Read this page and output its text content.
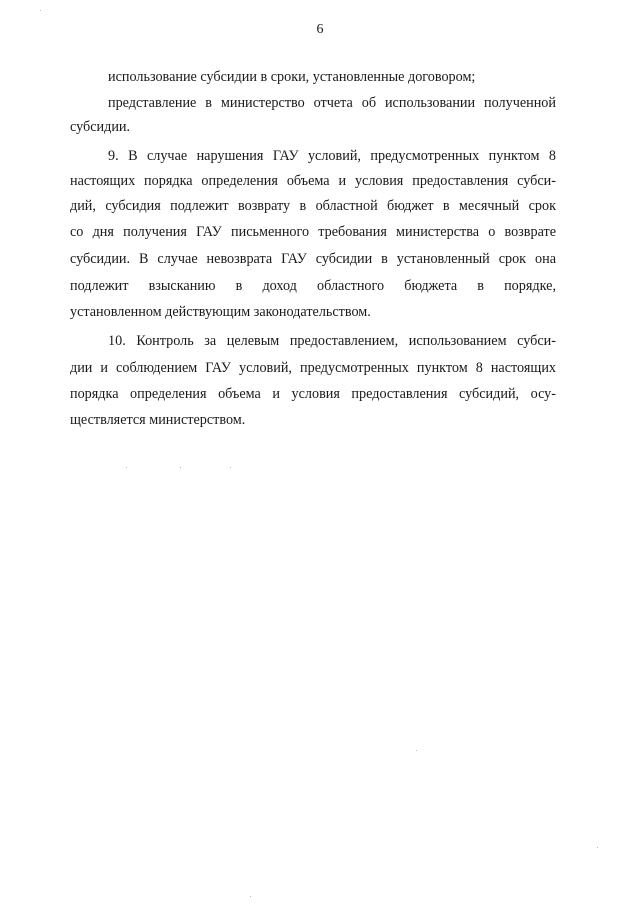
6
использование субсидии в сроки, установленные договором;
представление в министерство отчета об использовании полученной
субсидии.
9. В случае нарушения ГАУ условий, предусмотренных пунктом 8
настоящих порядка определения объема и условия предоставления субси-
дий, субсидия подлежит возврату в областной бюджет в месячный срок
со дня получения ГАУ письменного требования министерства о возврате
субсидии. В случае невозврата ГАУ субсидии в установленный срок она
подлежит взысканию в доход областного бюджета в порядке,
установленном действующим законодательством.
10. Контроль за целевым предоставлением, использованием субси-
дии и соблюдением ГАУ условий, предусмотренных пунктом 8 настоящих
порядка определения объема и условия предоставления субсидий, осу-
ществляется министерством.
